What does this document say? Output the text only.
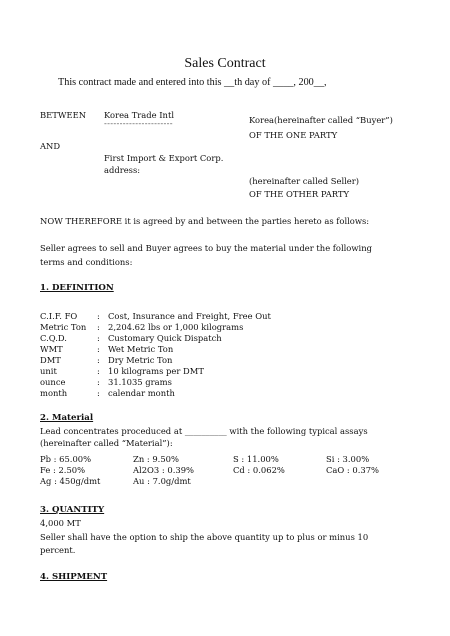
Sales Contract
This contract made and entered into this __th day of ____, 200__,
BETWEEN Korea Trade Intl
----------------------	Korea(hereinafter called “Buyer”)
OF THE ONE PARTY
AND
First Import & Export Corp.
address:
(hereinafter called Seller)
OF THE OTHER PARTY
NOW THEREFORE it is agreed by and between the parties hereto as follows:
Seller agrees to sell and Buyer agrees to buy the material under the following
terms and conditions:
1. DEFINITION
C.I.F. FO	: Cost, Insurance and Freight, Free Out
Metric Ton	: 2,204.62 lbs or 1,000 kilograms
C.Q.D.	: Customary Quick Dispatch
WMT	: Wet Metric Ton
DMT	: Dry Metric Ton
unit	: 10 kilograms per DMT
ounce	: 31.1035 grams
month	: calendar month
2. Material
Lead concentrates proceduced at __________ with the following typical assays
(hereinafter called “Material”):
Pb : 65.00%	Zn : 9.50%	S : 11.00%	Si : 3.00%
Fe : 2.50%	Al2O3 : 0.39%	Cd : 0.062%	CaO : 0.37%
Ag : 450g/dmt	Au : 7.0g/dmt
3. QUANTITY
4,000 MT
Seller shall have the option to ship the above quantity up to plus or minus 10
percent.
4. SHIPMENT
